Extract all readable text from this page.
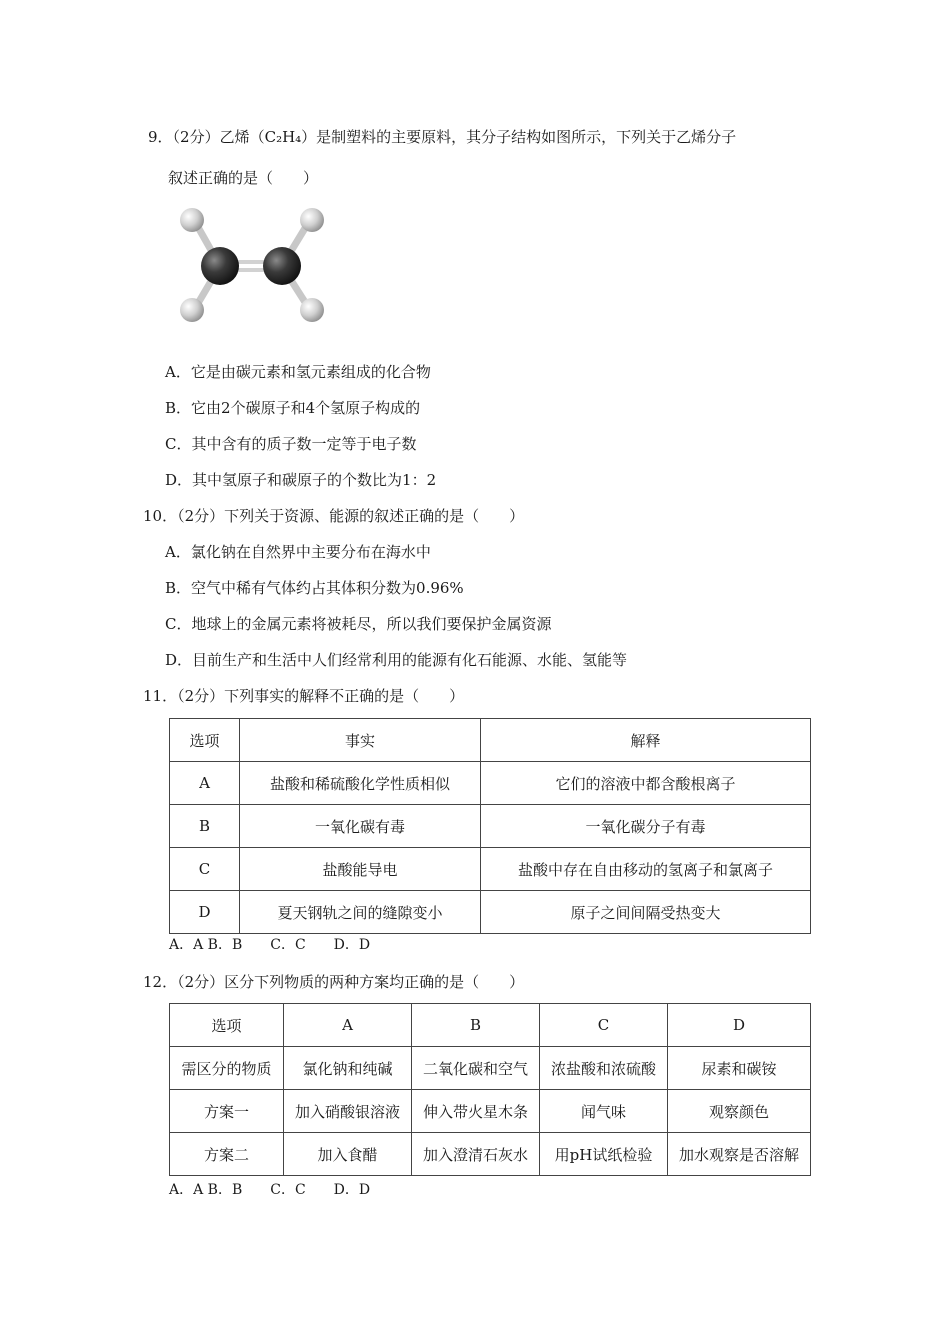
9．（2分）乙烯（C₂H₄）是制塑料的主要原料，其分子结构如图所示，下列关于乙烯分子
叙述正确的是（　　）
A．它是由碳元素和氢元素组成的化合物
B．它由2个碳原子和4个氢原子构成的
C．其中含有的质子数一定等于电子数
D．其中氢原子和碳原子的个数比为1：2
10．（2分）下列关于资源、能源的叙述正确的是（　　）
A．氯化钠在自然界中主要分布在海水中
B．空气中稀有气体约占其体积分数为0.96%
C．地球上的金属元素将被耗尽，所以我们要保护金属资源
D．目前生产和生活中人们经常利用的能源有化石能源、水能、氢能等
11．（2分）下列事实的解释不正确的是（　　）
选项	事实	解释
A	盐酸和稀硫酸化学性质相似	它们的溶液中都含酸根离子
B	一氧化碳有毒	一氧化碳分子有毒
C	盐酸能导电	盐酸中存在自由移动的氢离子和氯离子
D	夏天钢轨之间的缝隙变小	原子之间间隔受热变大
A．A B．B　　C．C　　D．D
12．（2分）区分下列物质的两种方案均正确的是（　　）
选项	A	B	C	D
需区分的物质	氯化钠和纯碱	二氧化碳和空气	浓盐酸和浓硫酸	尿素和碳铵
方案一	加入硝酸银溶液	伸入带火星木条	闻气味	观察颜色
方案二	加入食醋	加入澄清石灰水	用pH试纸检验	加水观察是否溶解
A．A B．B　　C．C　　D．D
